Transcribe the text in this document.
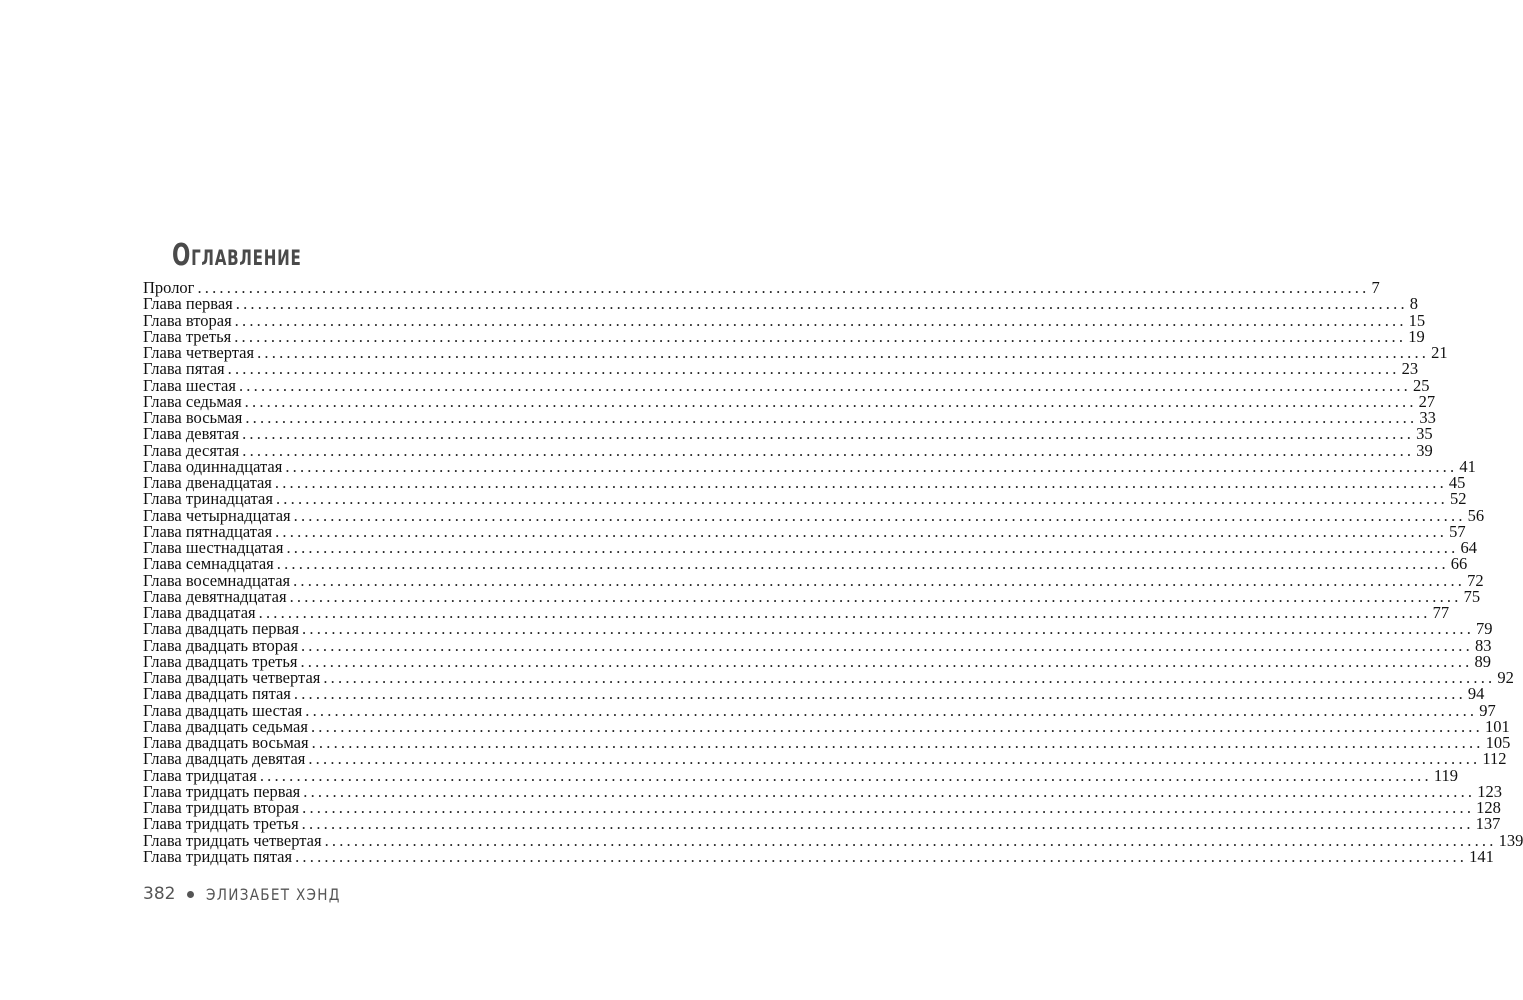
Оглавление
Пролог ................................................................................................................................................................ 7
Глава первая ................................................................................................................................................................ 8
Глава вторая ................................................................................................................................................................ 15
Глава третья ................................................................................................................................................................ 19
Глава четвертая ................................................................................................................................................................ 21
Глава пятая ................................................................................................................................................................ 23
Глава шестая ................................................................................................................................................................ 25
Глава седьмая ................................................................................................................................................................ 27
Глава восьмая ................................................................................................................................................................ 33
Глава девятая ................................................................................................................................................................ 35
Глава десятая ................................................................................................................................................................ 39
Глава одиннадцатая ................................................................................................................................................................ 41
Глава двенадцатая ................................................................................................................................................................ 45
Глава тринадцатая ................................................................................................................................................................ 52
Глава четырнадцатая ................................................................................................................................................................ 56
Глава пятнадцатая ................................................................................................................................................................ 57
Глава шестнадцатая ................................................................................................................................................................ 64
Глава семнадцатая ................................................................................................................................................................ 66
Глава восемнадцатая ................................................................................................................................................................ 72
Глава девятнадцатая ................................................................................................................................................................ 75
Глава двадцатая ................................................................................................................................................................ 77
Глава двадцать первая ................................................................................................................................................................ 79
Глава двадцать вторая ................................................................................................................................................................ 83
Глава двадцать третья ................................................................................................................................................................ 89
Глава двадцать четвертая ................................................................................................................................................................ 92
Глава двадцать пятая ................................................................................................................................................................ 94
Глава двадцать шестая ................................................................................................................................................................ 97
Глава двадцать седьмая ................................................................................................................................................................ 101
Глава двадцать восьмая ................................................................................................................................................................ 105
Глава двадцать девятая ................................................................................................................................................................ 112
Глава тридцатая ................................................................................................................................................................ 119
Глава тридцать первая ................................................................................................................................................................ 123
Глава тридцать вторая ................................................................................................................................................................ 128
Глава тридцать третья ................................................................................................................................................................ 137
Глава тридцать четвертая ................................................................................................................................................................ 139
Глава тридцать пятая ................................................................................................................................................................ 141
382 ЭЛИЗАБЕТ ХЭНД
